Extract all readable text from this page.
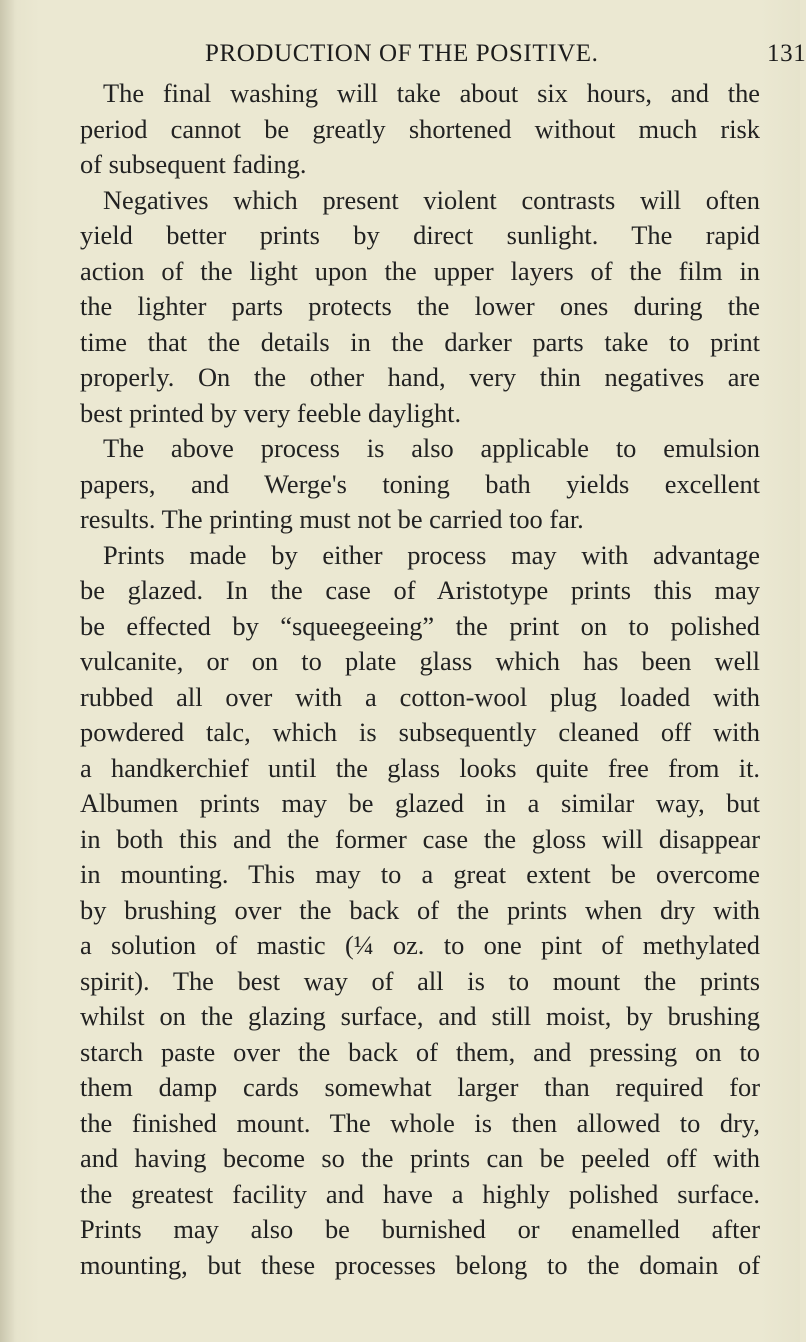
PRODUCTION OF THE POSITIVE.	131
The final washing will take about six hours, and the
period cannot be greatly shortened without much risk
of subsequent fading.
Negatives which present violent contrasts will often
yield better prints by direct sunlight. The rapid
action of the light upon the upper layers of the film in
the lighter parts protects the lower ones during the
time that the details in the darker parts take to print
properly. On the other hand, very thin negatives are
best printed by very feeble daylight.
The above process is also applicable to emulsion
papers, and Werge's toning bath yields excellent
results. The printing must not be carried too far.
Prints made by either process may with advantage
be glazed. In the case of Aristotype prints this may
be effected by “squeegeeing” the print on to polished
vulcanite, or on to plate glass which has been well
rubbed all over with a cotton-wool plug loaded with
powdered talc, which is subsequently cleaned off with
a handkerchief until the glass looks quite free from it.
Albumen prints may be glazed in a similar way, but
in both this and the former case the gloss will disappear
in mounting. This may to a great extent be overcome
by brushing over the back of the prints when dry with
a solution of mastic (¼ oz. to one pint of methylated
spirit). The best way of all is to mount the prints
whilst on the glazing surface, and still moist, by brushing
starch paste over the back of them, and pressing on to
them damp cards somewhat larger than required for
the finished mount. The whole is then allowed to dry,
and having become so the prints can be peeled off with
the greatest facility and have a highly polished surface.
Prints may also be burnished or enamelled after
mounting, but these processes belong to the domain of
